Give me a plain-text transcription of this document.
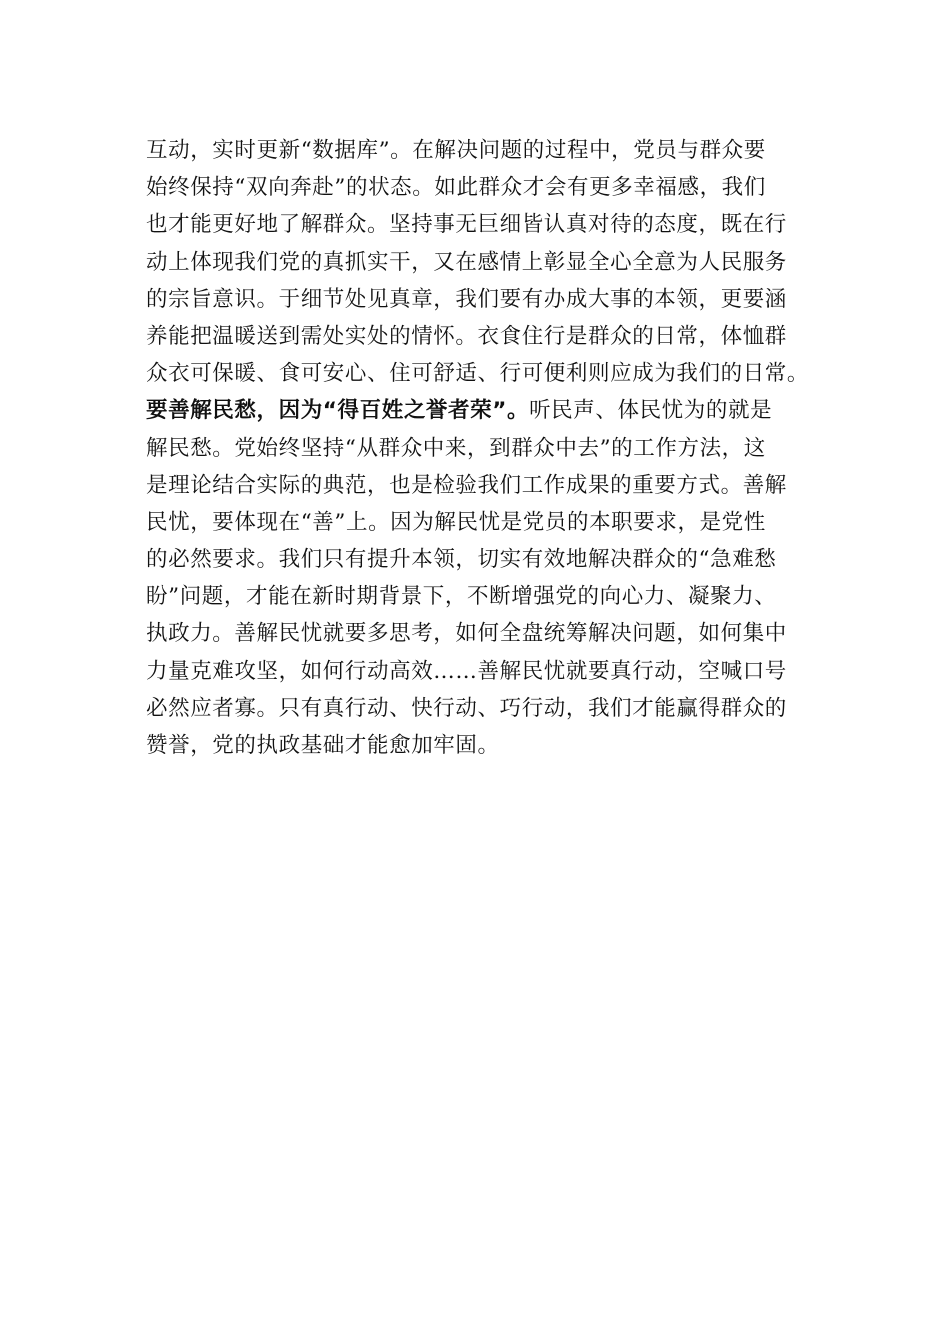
互动，实时更新“数据库”。在解决问题的过程中，党员与群众要
始终保持“双向奔赴”的状态。如此群众才会有更多幸福感，我们
也才能更好地了解群众。坚持事无巨细皆认真对待的态度，既在行
动上体现我们党的真抓实干，又在感情上彰显全心全意为人民服务
的宗旨意识。于细节处见真章，我们要有办成大事的本领，更要涵
养能把温暖送到需处实处的情怀。衣食住行是群众的日常，体恤群
众衣可保暖、食可安心、住可舒适、行可便利则应成为我们的日常。
要善解民愁，因为“得百姓之誉者荣”。听民声、体民忧为的就是
解民愁。党始终坚持“从群众中来，到群众中去”的工作方法，这
是理论结合实际的典范，也是检验我们工作成果的重要方式。善解
民忧，要体现在“善”上。因为解民忧是党员的本职要求，是党性
的必然要求。我们只有提升本领，切实有效地解决群众的“急难愁
盼”问题，才能在新时期背景下，不断增强党的向心力、凝聚力、
执政力。善解民忧就要多思考，如何全盘统筹解决问题，如何集中
力量克难攻坚，如何行动高效……善解民忧就要真行动，空喊口号
必然应者寡。只有真行动、快行动、巧行动，我们才能赢得群众的
赞誉，党的执政基础才能愈加牢固。
